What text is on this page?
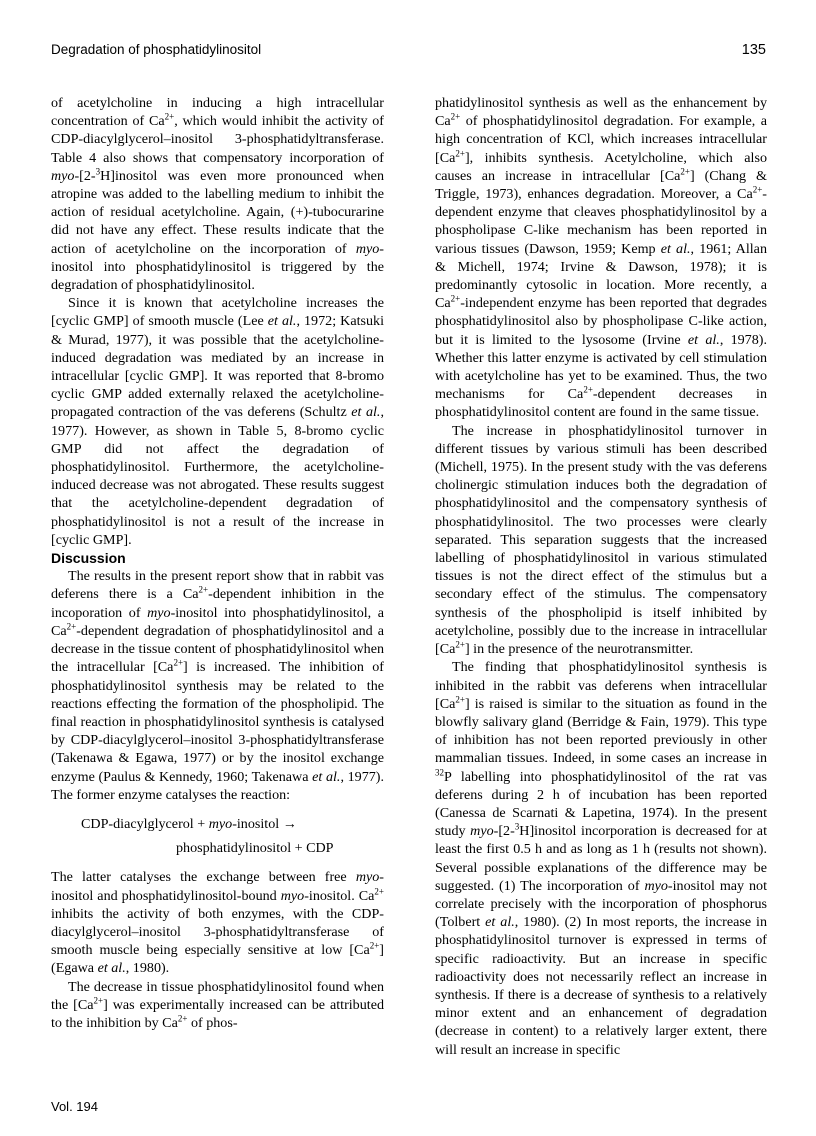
Degradation of phosphatidylinositol	135

of acetylcholine in inducing a high intracellular concentration of $Ca^{2+}$, which would inhibit the activity of CDP-diacylglycerol–inositol 3-phosphatidyltransferase. Table 4 also shows that compensatory incorporation of myo-[2-$^3$H]inositol was even more pronounced when atropine was added to the labelling medium to inhibit the action of residual acetylcholine. Again, (+)-tubocurarine did not have any effect. These results indicate that the action of acetylcholine on the incorporation of myo-inositol into phosphatidylinositol is triggered by the degradation of phosphatidylinositol.

Since it is known that acetylcholine increases the [cyclic GMP] of smooth muscle (Lee et al., 1972; Katsuki & Murad, 1977), it was possible that the acetylcholine-induced degradation was mediated by an increase in intracellular [cyclic GMP]. It was reported that 8-bromo cyclic GMP added externally relaxed the acetylcholine-propagated contraction of the vas deferens (Schultz et al., 1977). However, as shown in Table 5, 8-bromo cyclic GMP did not affect the degradation of phosphatidylinositol. Furthermore, the acetylcholine-induced decrease was not abrogated. These results suggest that the acetylcholine-dependent degradation of phosphatidylinositol is not a result of the increase in [cyclic GMP].

Discussion

The results in the present report show that in rabbit vas deferens there is a $Ca^{2+}$-dependent inhibition in the incoporation of myo-inositol into phosphatidylinositol, a $Ca^{2+}$-dependent degradation of phosphatidylinositol and a decrease in the tissue content of phosphatidylinositol when the intracellular $[Ca^{2+}]$ is increased. The inhibition of phosphatidylinositol synthesis may be related to the reactions effecting the formation of the phospholipid. The final reaction in phosphatidylinositol synthesis is catalysed by CDP-diacylglycerol–inositol 3-phosphatidyltransferase (Takenawa & Egawa, 1977) or by the inositol exchange enzyme (Paulus & Kennedy, 1960; Takenawa et al., 1977). The former enzyme catalyses the reaction:

CDP-diacylglycerol + myo-inositol →
phosphatidylinositol + CDP

The latter catalyses the exchange between free myo-inositol and phosphatidylinositol-bound myo-inositol. $Ca^{2+}$ inhibits the activity of both enzymes, with the CDP-diacylglycerol–inositol 3-phosphatidyltransferase of smooth muscle being especially sensitive at low $[Ca^{2+}]$ (Egawa et al., 1980).

The decrease in tissue phosphatidylinositol found when the $[Ca^{2+}]$ was experimentally increased can be attributed to the inhibition by $Ca^{2+}$ of phos-

phatidylinositol synthesis as well as the enhancement by $Ca^{2+}$ of phosphatidylinositol degradation. For example, a high concentration of KCl, which increases intracellular $[Ca^{2+}]$, inhibits synthesis. Acetylcholine, which also causes an increase in intracellular $[Ca^{2+}]$ (Chang & Triggle, 1973), enhances degradation. Moreover, a $Ca^{2+}$-dependent enzyme that cleaves phosphatidylinositol by a phospholipase C-like mechanism has been reported in various tissues (Dawson, 1959; Kemp et al., 1961; Allan & Michell, 1974; Irvine & Dawson, 1978); it is predominantly cytosolic in location. More recently, a $Ca^{2+}$-independent enzyme has been reported that degrades phosphatidylinositol also by phospholipase C-like action, but it is limited to the lysosome (Irvine et al., 1978). Whether this latter enzyme is activated by cell stimulation with acetylcholine has yet to be examined. Thus, the two mechanisms for $Ca^{2+}$-dependent decreases in phosphatidylinositol content are found in the same tissue.

The increase in phosphatidylinositol turnover in different tissues by various stimuli has been described (Michell, 1975). In the present study with the vas deferens cholinergic stimulation induces both the degradation of phosphatidylinositol and the compensatory synthesis of phosphatidylinositol. The two processes were clearly separated. This separation suggests that the increased labelling of phosphatidylinositol in various stimulated tissues is not the direct effect of the stimulus but a secondary effect of the stimulus. The compensatory synthesis of the phospholipid is itself inhibited by acetylcholine, possibly due to the increase in intracellular $[Ca^{2+}]$ in the presence of the neurotransmitter.

The finding that phosphatidylinositol synthesis is inhibited in the rabbit vas deferens when intracellular $[Ca^{2+}]$ is raised is similar to the situation as found in the blowfly salivary gland (Berridge & Fain, 1979). This type of inhibition has not been reported previously in other mammalian tissues. Indeed, in some cases an increase in $^{32}$P labelling into phosphatidylinositol of the rat vas deferens during 2 h of incubation has been reported (Canessa de Scarnati & Lapetina, 1974). In the present study myo-[2-$^3$H]inositol incorporation is decreased for at least the first 0.5 h and as long as 1 h (results not shown). Several possible explanations of the difference may be suggested. (1) The incorporation of myo-inositol may not correlate precisely with the incorporation of phosphorus (Tolbert et al., 1980). (2) In most reports, the increase in phosphatidylinositol turnover is expressed in terms of specific radioactivity. But an increase in specific radioactivity does not necessarily reflect an increase in synthesis. If there is a decrease of synthesis to a relatively minor extent and an enhancement of degradation (decrease in content) to a relatively larger extent, there will result an increase in specific

Vol. 194
